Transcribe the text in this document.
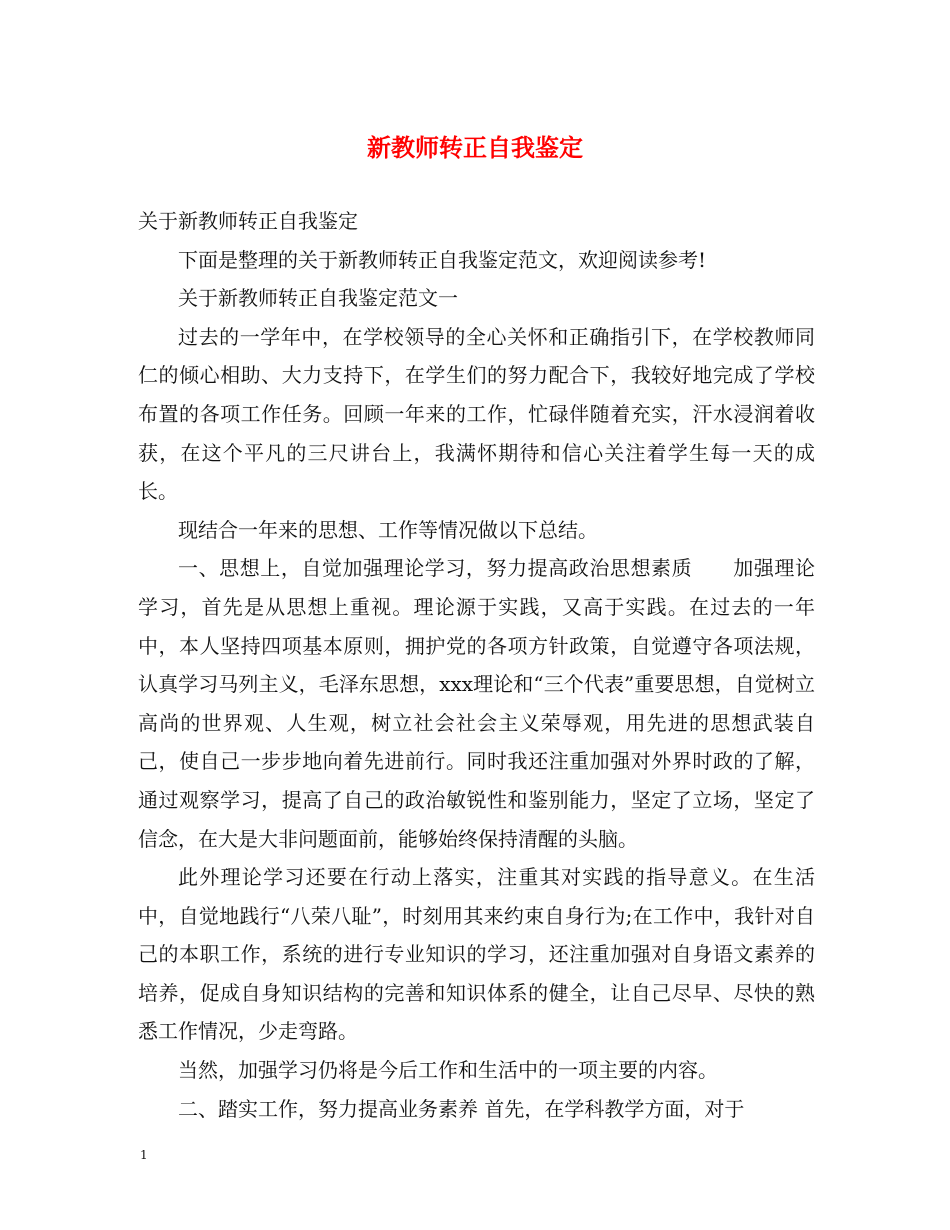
新教师转正自我鉴定

关于新教师转正自我鉴定

下面是整理的关于新教师转正自我鉴定范文，欢迎阅读参考!

关于新教师转正自我鉴定范文一

过去的一学年中，在学校领导的全心关怀和正确指引下，在学校教师同仁的倾心相助、大力支持下，在学生们的努力配合下，我较好地完成了学校布置的各项工作任务。回顾一年来的工作，忙碌伴随着充实，汗水浸润着收获，在这个平凡的三尺讲台上，我满怀期待和信心关注着学生每一天的成长。

现结合一年来的思想、工作等情况做以下总结。

一、思想上，自觉加强理论学习，努力提高政治思想素质　　加强理论学习，首先是从思想上重视。理论源于实践，又高于实践。在过去的一年中，本人坚持四项基本原则，拥护党的各项方针政策，自觉遵守各项法规，认真学习马列主义，毛泽东思想，xxx理论和“三个代表”重要思想，自觉树立高尚的世界观、人生观，树立社会社会主义荣辱观，用先进的思想武装自己，使自己一步步地向着先进前行。同时我还注重加强对外界时政的了解，通过观察学习，提高了自己的政治敏锐性和鉴别能力，坚定了立场，坚定了信念，在大是大非问题面前，能够始终保持清醒的头脑。

此外理论学习还要在行动上落实，注重其对实践的指导意义。在生活中，自觉地践行“八荣八耻”，时刻用其来约束自身行为;在工作中，我针对自己的本职工作，系统的进行专业知识的学习，还注重加强对自身语文素养的培养，促成自身知识结构的完善和知识体系的健全，让自己尽早、尽快的熟悉工作情况，少走弯路。

当然，加强学习仍将是今后工作和生活中的一项主要的内容。

二、踏实工作，努力提高业务素养 首先，在学科教学方面，对于

1
